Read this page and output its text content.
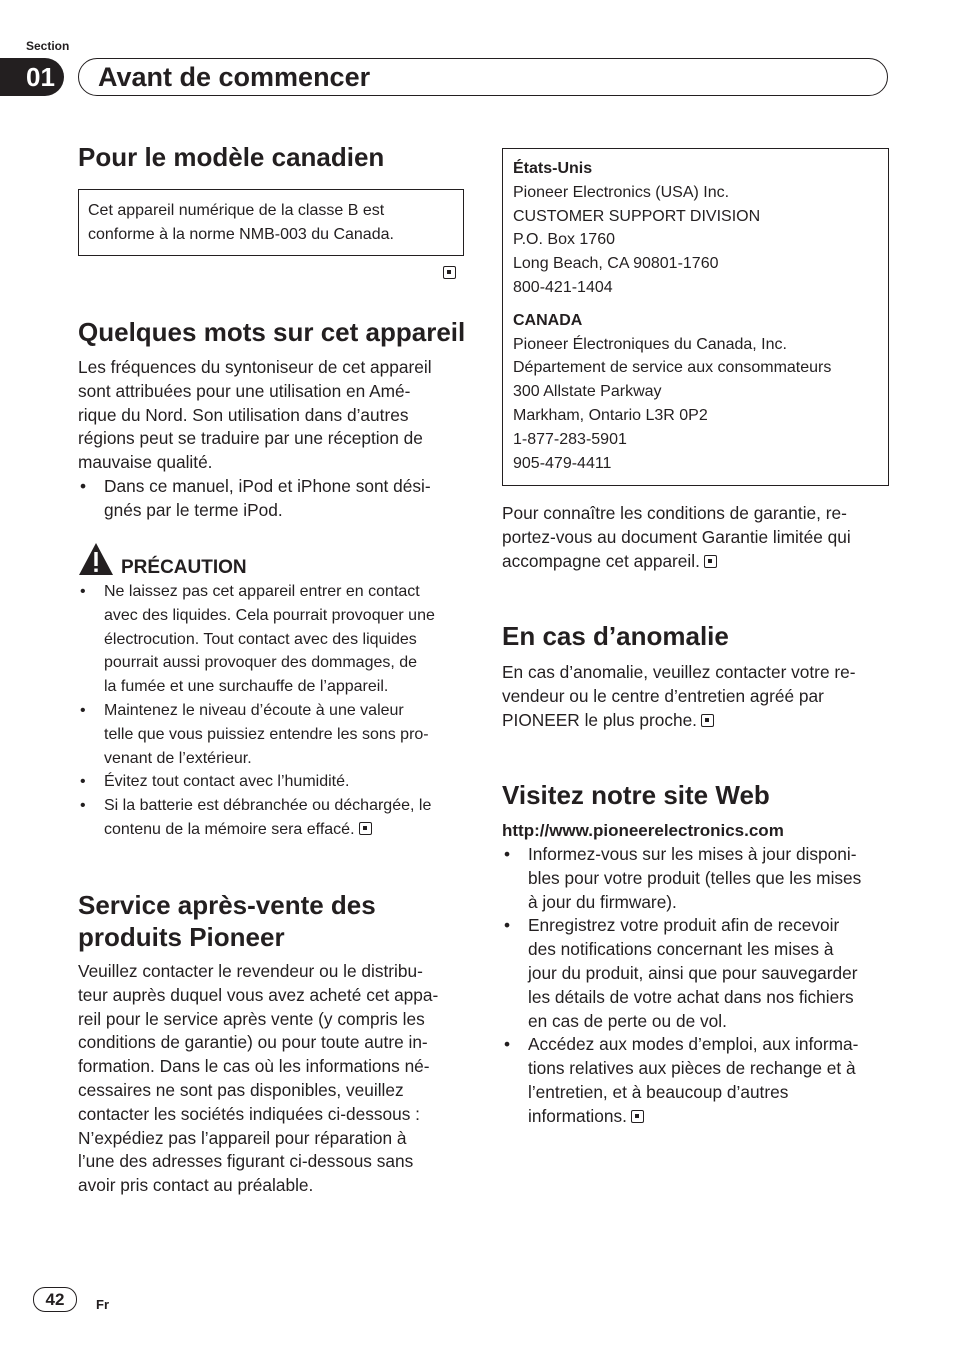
Section
01	Avant de commencer
Pour le modèle canadien
Cet appareil numérique de la classe B est
conforme à la norme NMB-003 du Canada.
Quelques mots sur cet appareil
Les fréquences du syntoniseur de cet appareil
sont attribuées pour une utilisation en Amé-
rique du Nord. Son utilisation dans d’autres
régions peut se traduire par une réception de
mauvaise qualité.
• Dans ce manuel, iPod et iPhone sont dési-
gnés par le terme iPod.
PRÉCAUTION
• Ne laissez pas cet appareil entrer en contact
avec des liquides. Cela pourrait provoquer une
électrocution. Tout contact avec des liquides
pourrait aussi provoquer des dommages, de
la fumée et une surchauffe de l’appareil.
• Maintenez le niveau d’écoute à une valeur
telle que vous puissiez entendre les sons pro-
venant de l’extérieur.
• Évitez tout contact avec l’humidité.
• Si la batterie est débranchée ou déchargée, le
contenu de la mémoire sera effacé.
Service après-vente des
produits Pioneer
Veuillez contacter le revendeur ou le distribu-
teur auprès duquel vous avez acheté cet appa-
reil pour le service après vente (y compris les
conditions de garantie) ou pour toute autre in-
formation. Dans le cas où les informations né-
cessaires ne sont pas disponibles, veuillez
contacter les sociétés indiquées ci-dessous :
N’expédiez pas l’appareil pour réparation à
l’une des adresses figurant ci-dessous sans
avoir pris contact au préalable.
États-Unis
Pioneer Electronics (USA) Inc.
CUSTOMER SUPPORT DIVISION
P.O. Box 1760
Long Beach, CA 90801-1760
800-421-1404
CANADA
Pioneer Électroniques du Canada, Inc.
Département de service aux consommateurs
300 Allstate Parkway
Markham, Ontario L3R 0P2
1-877-283-5901
905-479-4411
Pour connaître les conditions de garantie, re-
portez-vous au document Garantie limitée qui
accompagne cet appareil.
En cas d’anomalie
En cas d’anomalie, veuillez contacter votre re-
vendeur ou le centre d’entretien agréé par
PIONEER le plus proche.
Visitez notre site Web
http://www.pioneerelectronics.com
• Informez-vous sur les mises à jour disponi-
bles pour votre produit (telles que les mises
à jour du firmware).
• Enregistrez votre produit afin de recevoir
des notifications concernant les mises à
jour du produit, ainsi que pour sauvegarder
les détails de votre achat dans nos fichiers
en cas de perte ou de vol.
• Accédez aux modes d’emploi, aux informa-
tions relatives aux pièces de rechange et à
l’entretien, et à beaucoup d’autres
informations.
42	Fr
